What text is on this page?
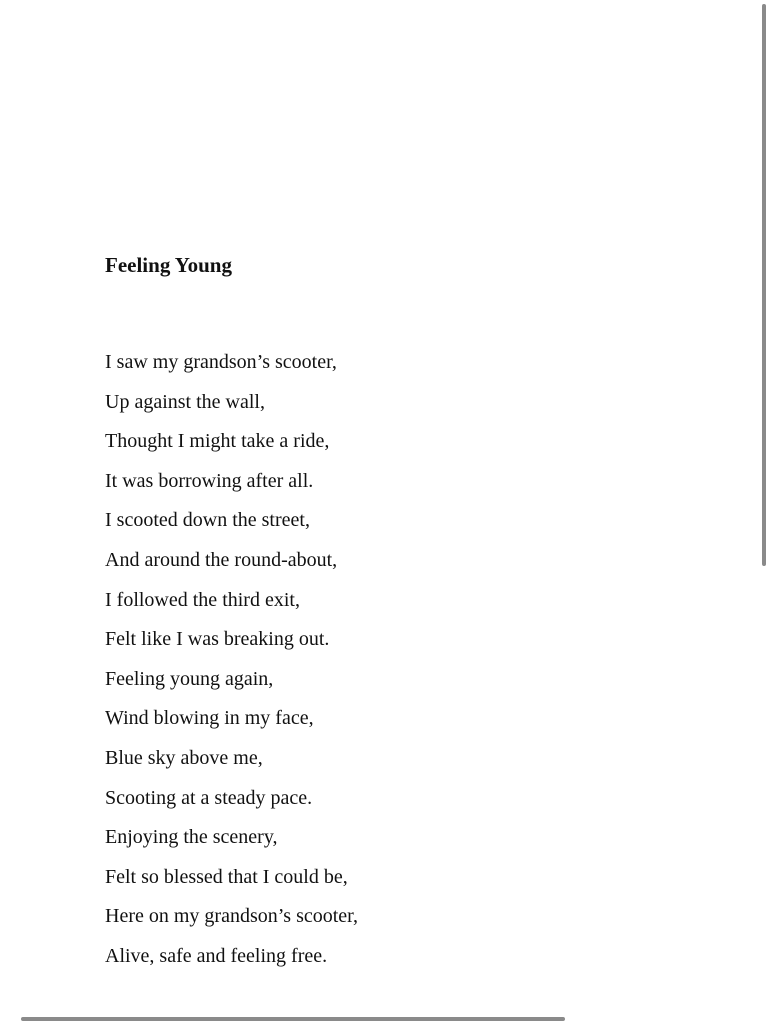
Feeling Young
I saw my grandson’s scooter,
Up against the wall,
Thought I might take a ride,
It was borrowing after all.
I scooted down the street,
And around the round-about,
I followed the third exit,
Felt like I was breaking out.
Feeling young again,
Wind blowing in my face,
Blue sky above me,
Scooting at a steady pace.
Enjoying the scenery,
Felt so blessed that I could be,
Here on my grandson’s scooter,
Alive, safe and feeling free.
